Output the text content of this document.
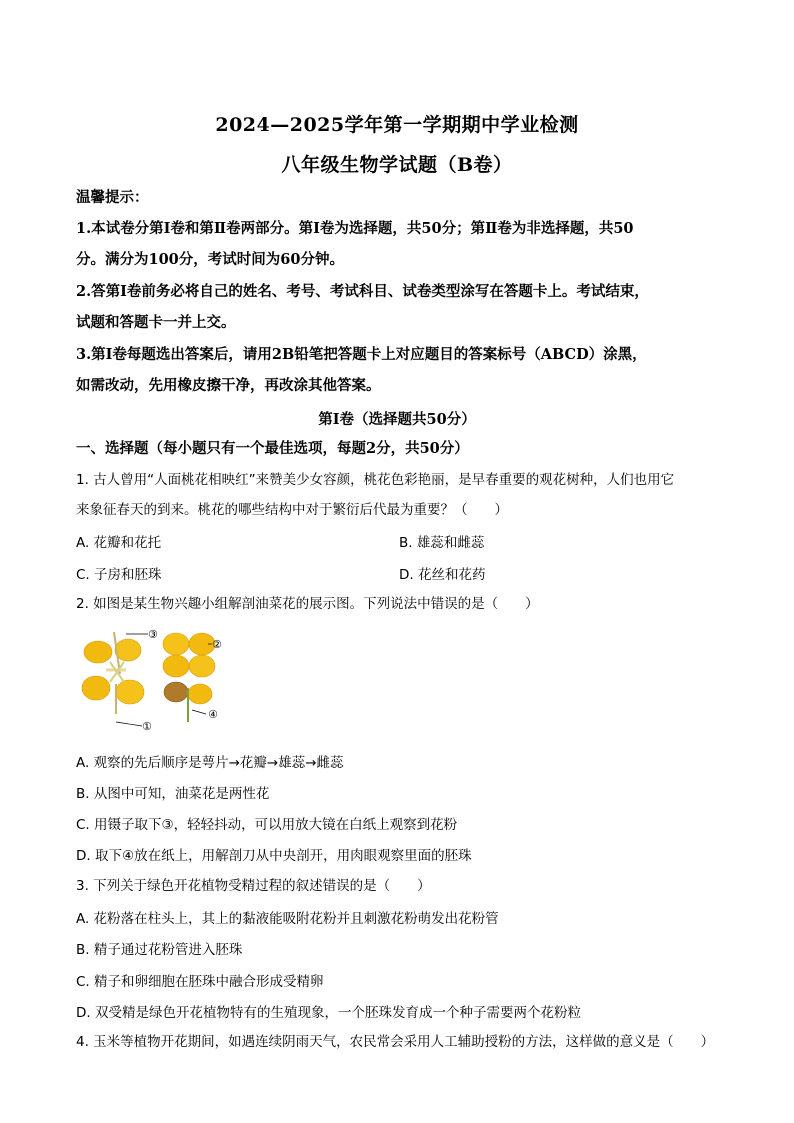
2024—2025学年第一学期期中学业检测
八年级生物学试题（B卷）
温馨提示：
1.本试卷分第Ⅰ卷和第Ⅱ卷两部分。第Ⅰ卷为选择题，共50分；第Ⅱ卷为非选择题，共50
分。满分为100分，考试时间为60分钟。
2.答第Ⅰ卷前务必将自己的姓名、考号、考试科目、试卷类型涂写在答题卡上。考试结束，
试题和答题卡一并上交。
3.第Ⅰ卷每题选出答案后，请用2B铅笔把答题卡上对应题目的答案标号（ABCD）涂黑，
如需改动，先用橡皮擦干净，再改涂其他答案。
第Ⅰ卷（选择题共50分）
一、选择题（每小题只有一个最佳选项，每题2分，共50分）
1. 古人曾用“人面桃花相映红”来赞美少女容颜，桃花色彩艳丽，是早春重要的观花树种，人们也用它
来象征春天的到来。桃花的哪些结构中对于繁衍后代最为重要？（　　）
A. 花瓣和花托	B. 雄蕊和雌蕊
C. 子房和胚珠	D. 花丝和花药
2. 如图是某生物兴趣小组解剖油菜花的展示图。下列说法中错误的是（　　）
③
②
①
④
A. 观察的先后顺序是萼片→花瓣→雄蕊→雌蕊
B. 从图中可知，油菜花是两性花
C. 用镊子取下③，轻轻抖动，可以用放大镜在白纸上观察到花粉
D. 取下④放在纸上，用解剖刀从中央剖开，用肉眼观察里面的胚珠
3. 下列关于绿色开花植物受精过程的叙述错误的是（　　）
A. 花粉落在柱头上，其上的黏液能吸附花粉并且刺激花粉萌发出花粉管
B. 精子通过花粉管进入胚珠
C. 精子和卵细胞在胚珠中融合形成受精卵
D. 双受精是绿色开花植物特有的生殖现象，一个胚珠发育成一个种子需要两个花粉粒
4. 玉米等植物开花期间，如遇连续阴雨天气，农民常会采用人工辅助授粉的方法，这样做的意义是（　　）
